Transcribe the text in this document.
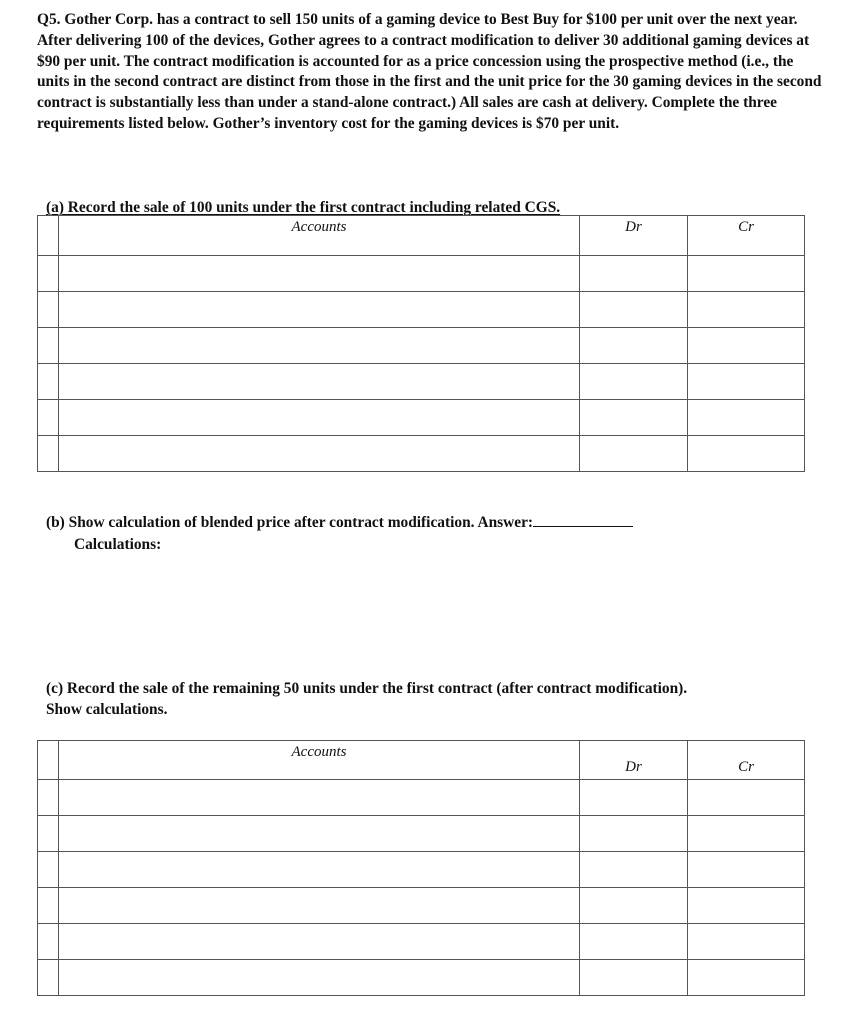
Q5. Gother Corp. has a contract to sell 150 units of a gaming device to Best Buy for $100 per unit over the next year. After delivering 100 of the devices, Gother agrees to a contract modification to deliver 30 additional gaming devices at $90 per unit. The contract modification is accounted for as a price concession using the prospective method (i.e., the units in the second contract are distinct from those in the first and the unit price for the 30 gaming devices in the second contract is substantially less than under a stand-alone contract.) All sales are cash at delivery. Complete the three requirements listed below. Gother’s inventory cost for the gaming devices is $70 per unit.

(a) Record the sale of 100 units under the first contract including related CGS.

	Accounts	Dr	Cr

(b) Show calculation of blended price after contract modification. Answer:

Calculations:

(c) Record the sale of the remaining 50 units under the first contract (after contract modification). Show calculations.

	Accounts	Dr	Cr
